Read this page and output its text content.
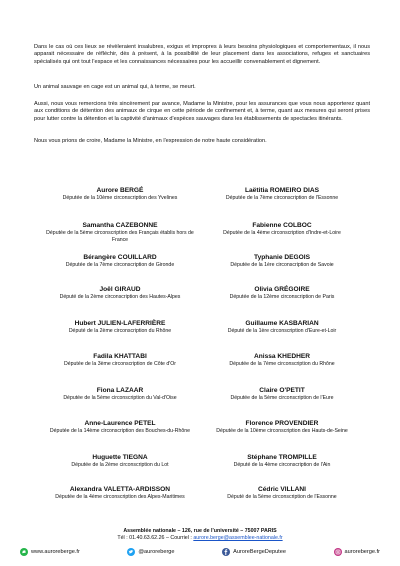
Dans le cas où ces lieux se révèleraient insalubres, exigus et impropres à leurs besoins physiologiques et comportementaux, il nous apparait nécessaire de réfléchir, dès à présent, à la possibilité de leur placement dans les associations, refuges et sanctuaires spécialisés qui ont tout l'espace et les connaissances nécessaires pour les accueillir convenablement et dignement.

Un animal sauvage en cage est un animal qui, à terme, se meurt.

Aussi, nous vous remercions très sincèrement par avance, Madame la Ministre, pour les assurances que vous nous apporterez quant aux conditions de détention des animaux de cirque en cette période de confinement et, à terme, quant aux mesures qui seront prises pour lutter contre la détention et la captivité d'animaux d'espèces sauvages dans les établissements de spectacles itinérants.

Nous vous prions de croire, Madame la Ministre, en l'expression de notre haute considération.

Aurore BERGÉ
Députée de la 10ème circonscription des Yvelines
Laëtitia ROMEIRO DIAS
Députée de la 7ème circonscription de l'Essonne
Samantha CAZEBONNE
Députée de la 5ème circonscription des Français établis hors de France
Fabienne COLBOC
Députée de la 4ème circonscription d'Indre-et-Loire
Bérangère COUILLARD
Députée de la 7ème circonscription de Gironde
Typhanie DEGOIS
Députée de la 1ère circonscription de Savoie
Joël GIRAUD
Député de la 2ème circonscription des Hautes-Alpes
Olivia GRÉGOIRE
Députée de la 12ème circonscription de Paris
Hubert JULIEN-LAFERRIÈRE
Député de la 2ème circonscription du Rhône
Guillaume KASBARIAN
Député de la 1ère circonscription d'Eure-et-Loir
Fadila KHATTABI
Députée de la 3ème circonscription de Côte d'Or
Anissa KHEDHER
Députée de la 7ème circonscription du Rhône
Fiona LAZAAR
Députée de la 5ème circonscription du Val-d'Oise
Claire O'PETIT
Députée de la 5ème circonscription de l'Eure
Anne-Laurence PETEL
Députée de la 14ème circonscription des Bouches-du-Rhône
Florence PROVENDIER
Députée de la 10ème circonscription des Hauts-de-Seine
Huguette TIEGNA
Députée de la 2ème circonscription du Lot
Stéphane TROMPILLE
Député de la 4ème circonscription de l'Ain
Alexandra VALETTA-ARDISSON
Députée de la 4ème circonscription des Alpes-Maritimes
Cédric VILLANI
Député de la 5ème circonscription de l'Essonne
Assemblée nationale – 126, rue de l'université – 75007 PARIS
Tél : 01.40.63.62.26 – Courriel : aurore.berge@assemblee-nationale.fr
www.auroreberge.fr	@auroreberge	AuroreBergeDeputee	auroreberge.fr
